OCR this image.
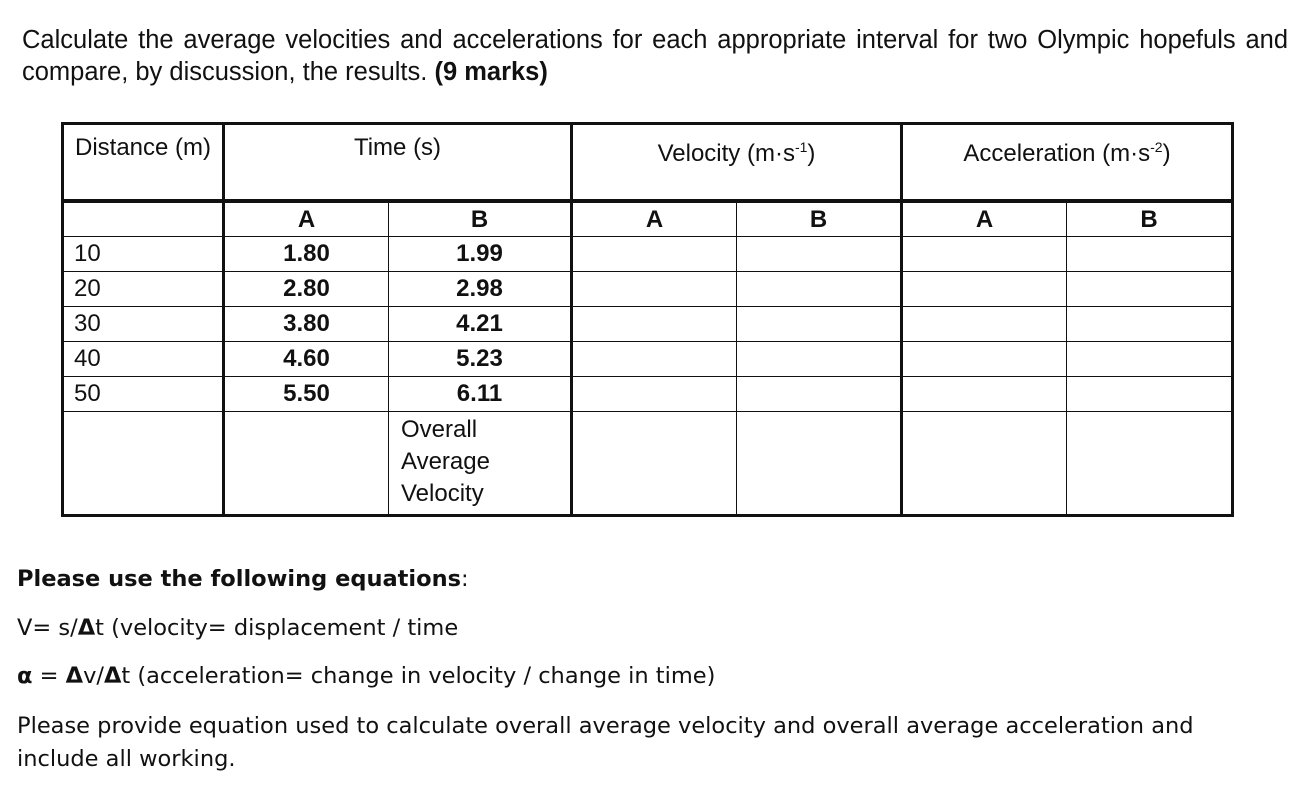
Calculate the average velocities and accelerations for each appropriate interval for two Olympic hopefuls and compare, by discussion, the results. (9 marks)

Distance (m)	Time (s)		Velocity $(m\cdot s^{-1})$		Acceleration $(m\cdot s^{-2})$	
	A	B	A	B	A	B
10	1.80	1.99				
20	2.80	2.98				
30	3.80	4.21				
40	4.60	5.23				
50	5.50	6.11				
		Overall Average Velocity				

Please use the following equations:

V= s/Δt (velocity= displacement / time

α = Δv/Δt (acceleration= change in velocity / change in time)

Please provide equation used to calculate overall average velocity and overall average acceleration and include all working.
